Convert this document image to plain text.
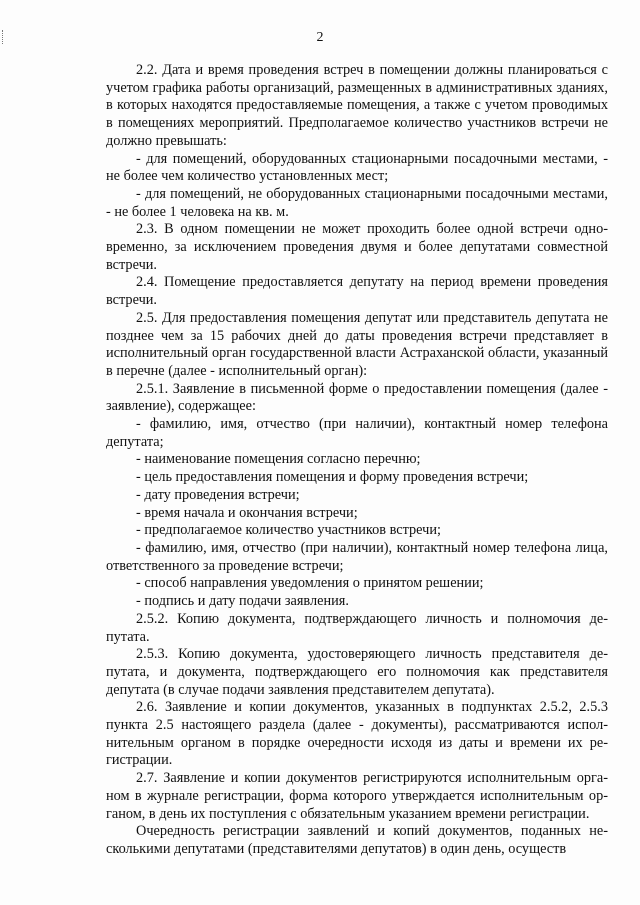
2

2.2. Дата и время проведения встреч в помещении должны планироваться с учетом графика работы организаций, размещенных в административных зданиях, в которых находятся предоставляемые помещения, а также с учетом проводимых в помещениях мероприятий. Предполагаемое количество участников встречи не должно превышать:

- для помещений, оборудованных стационарными посадочными местами, - не более чем количество установленных мест;

- для помещений, не оборудованных стационарными посадочными местами, - не более 1 человека на кв. м.

2.3. В одном помещении не может проходить более одной встречи одновременно, за исключением проведения двумя и более депутатами совместной встречи.

2.4. Помещение предоставляется депутату на период времени проведения встречи.

2.5. Для предоставления помещения депутат или представитель депутата не позднее чем за 15 рабочих дней до даты проведения встречи представляет в исполнительный орган государственной власти Астраханской области, указанный в перечне (далее - исполнительный орган):

2.5.1. Заявление в письменной форме о предоставлении помещения (далее - заявление), содержащее:

- фамилию, имя, отчество (при наличии), контактный номер телефона депутата;

- наименование помещения согласно перечню;

- цель предоставления помещения и форму проведения встречи;

- дату проведения встречи;

- время начала и окончания встречи;

- предполагаемое количество участников встречи;

- фамилию, имя, отчество (при наличии), контактный номер телефона лица, ответственного за проведение встречи;

- способ направления уведомления о принятом решении;

- подпись и дату подачи заявления.

2.5.2. Копию документа, подтверждающего личность и полномочия депутата.

2.5.3. Копию документа, удостоверяющего личность представителя депутата, и документа, подтверждающего его полномочия как представителя депутата (в случае подачи заявления представителем депутата).

2.6. Заявление и копии документов, указанных в подпунктах 2.5.2, 2.5.3 пункта 2.5 настоящего раздела (далее - документы), рассматриваются исполнительным органом в порядке очередности исходя из даты и времени их регистрации.

2.7. Заявление и копии документов регистрируются исполнительным органом в журнале регистрации, форма которого утверждается исполнительным органом, в день их поступления с обязательным указанием времени регистрации.

Очередность регистрации заявлений и копий документов, поданных несколькими депутатами (представителями депутатов) в один день, осуществ
